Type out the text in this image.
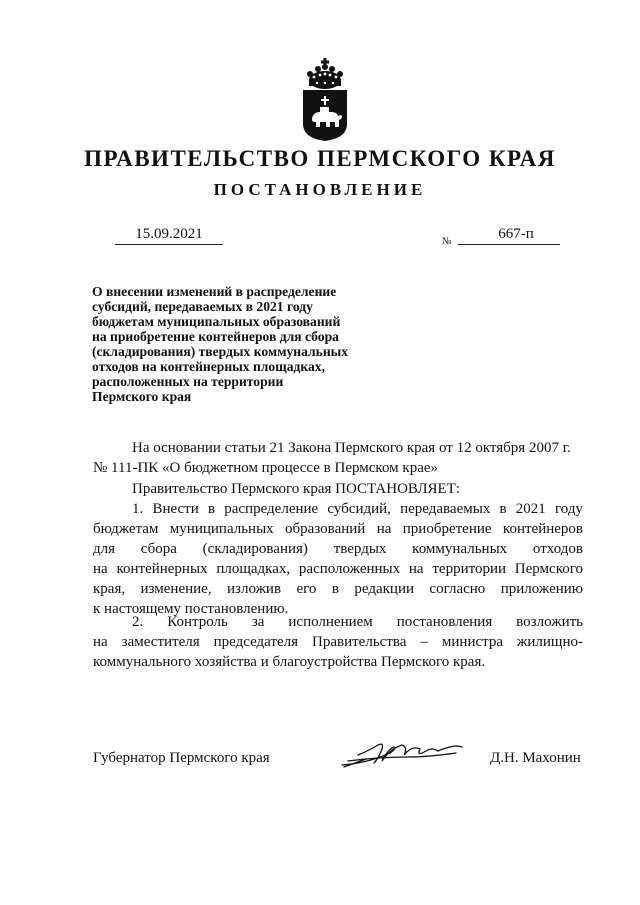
ПРАВИТЕЛЬСТВО ПЕРМСКОГО КРАЯ
ПОСТАНОВЛЕНИЕ
15.09.2021	№	667-п
О внесении изменений в распределение
субсидий, передаваемых в 2021 году
бюджетам муниципальных образований
на приобретение контейнеров для сбора
(складирования) твердых коммунальных
отходов на контейнерных площадках,
расположенных на территории
Пермского края
На основании статьи 21 Закона Пермского края от 12 октября 2007 г.
№ 111-ПК «О бюджетном процессе в Пермском крае»
Правительство Пермского края ПОСТАНОВЛЯЕТ:
1. Внести в распределение субсидий, передаваемых в 2021 году
бюджетам муниципальных образований на приобретение контейнеров
для сбора (складирования) твердых коммунальных отходов
на контейнерных площадках, расположенных на территории Пермского
края, изменение, изложив его в редакции согласно приложению
к настоящему постановлению.
2. Контроль за исполнением постановления возложить
на заместителя председателя Правительства – министра жилищно-
коммунального хозяйства и благоустройства Пермского края.
Губернатор Пермского края	Д.Н. Махонин
